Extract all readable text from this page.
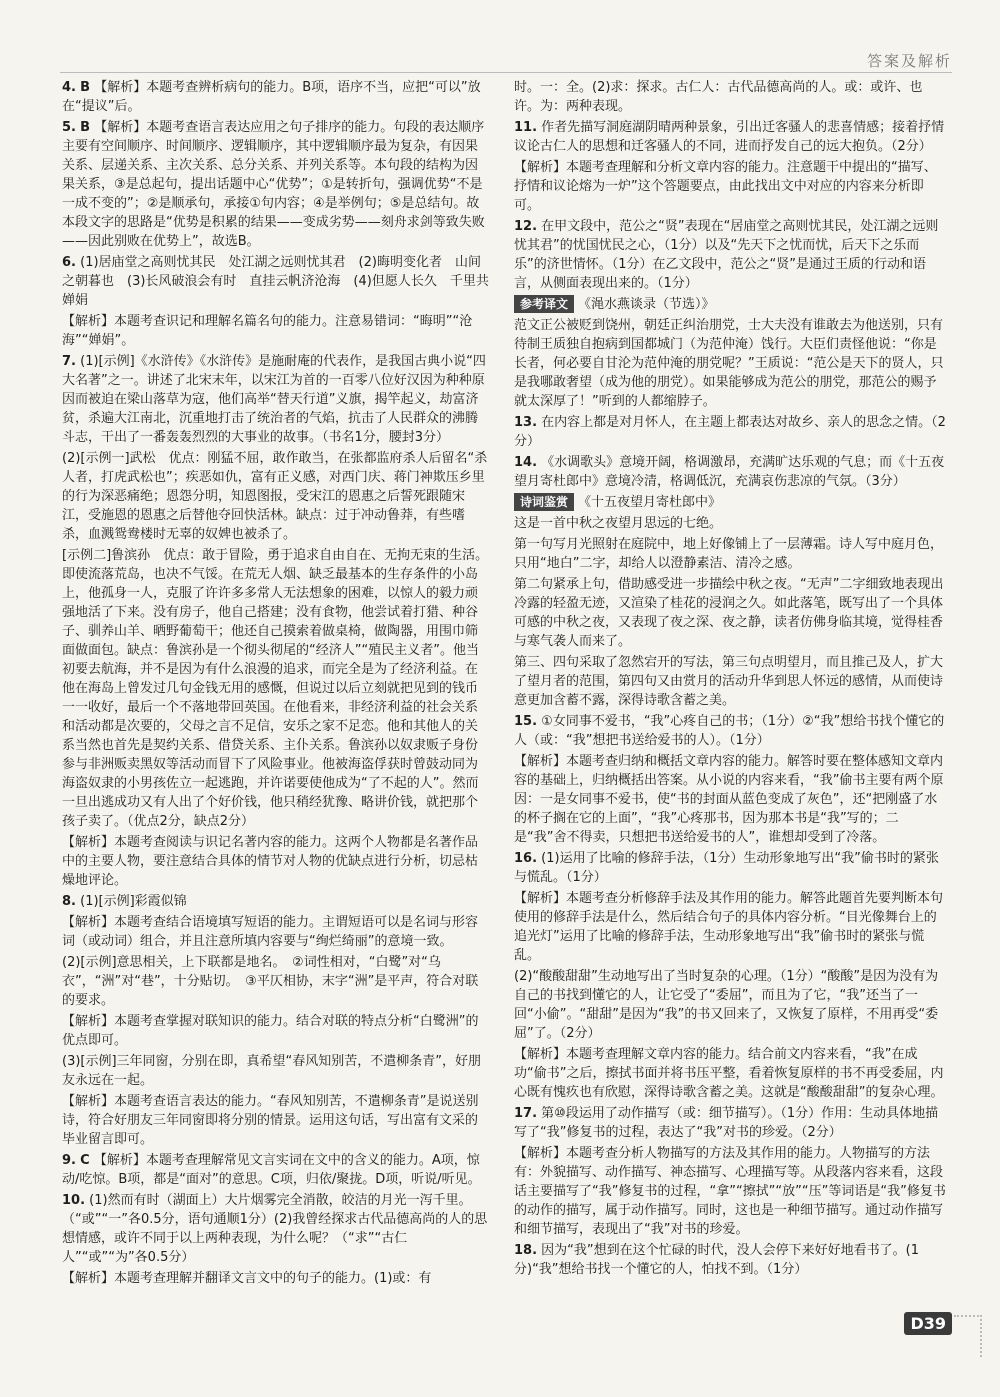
答案及解析
4. B 【解析】本题考查辨析病句的能力。B项，语序不当，应把“可以”放在“提议”后。
5. B 【解析】本题考查语言表达应用之句子排序的能力。句段的表达顺序主要有空间顺序、时间顺序、逻辑顺序，其中逻辑顺序最为复杂，有因果关系、层递关系、主次关系、总分关系、并列关系等。本句段的结构为因果关系，③是总起句，提出话题中心“优势”；①是转折句，强调优势“不是一成不变的”；②是顺承句，承接①句内容；④是举例句；⑤是总结句。故本段文字的思路是“优势是积累的结果——变成劣势——刻舟求剑等致失败——因此别败在优势上”，故选B。
6. (1)居庙堂之高则忧其民　处江湖之远则忧其君　(2)晦明变化者　山间之朝暮也　(3)长风破浪会有时　直挂云帆济沧海　(4)但愿人长久　千里共婵娟
【解析】本题考查识记和理解名篇名句的能力。注意易错词：“晦明”“沧海”“婵娟”。
7. (1)[示例]《水浒传》《水浒传》是施耐庵的代表作，是我国古典小说“四大名著”之一。讲述了北宋末年，以宋江为首的一百零八位好汉因为种种原因而被迫在梁山落草为寇，他们高举“替天行道”义旗，揭竿起义，劫富济贫，杀遍大江南北，沉重地打击了统治者的气焰，抗击了人民群众的沸腾斗志，干出了一番轰轰烈烈的大事业的故事。（书名1分，腰封3分）
(2)[示例一]武松　优点：刚猛不屈，敢作敢当，在张都监府杀人后留名“杀人者，打虎武松也”；疾恶如仇，富有正义感，对西门庆、蒋门神欺压乡里的行为深恶痛绝；恩怨分明，知恩图报，受宋江的恩惠之后誓死跟随宋江，受施恩的恩惠之后替他夺回快活林。缺点：过于冲动鲁莽，有些嗜杀，血溅鸳鸯楼时无辜的奴婢也被杀了。
[示例二]鲁滨孙　优点：敢于冒险，勇于追求自由自在、无拘无束的生活。即使流落荒岛，也决不气馁。在荒无人烟、缺乏最基本的生存条件的小岛上，他孤身一人，克服了许许多多常人无法想象的困难，以惊人的毅力顽强地活了下来。没有房子，他自己搭建；没有食物，他尝试着打猎、种谷子、驯养山羊、晒野葡萄干；他还自己摸索着做桌椅，做陶器，用围巾筛面做面包。缺点：鲁滨孙是一个彻头彻尾的“经济人”“殖民主义者”。他当初要去航海，并不是因为有什么浪漫的追求，而完全是为了经济利益。在他在海岛上曾发过几句金钱无用的感慨，但说过以后立刻就把见到的钱币一一收好，最后一个不落地带回英国。在他看来，非经济利益的社会关系和活动都是次要的，父母之言不足信，安乐之家不足恋。他和其他人的关系当然也首先是契约关系、借贷关系、主仆关系。鲁滨孙以奴隶贩子身份参与非洲贩卖黑奴等活动而冒下了风险事业。他被海盗俘获时曾鼓动同为海盗奴隶的小男孩佐立一起逃跑，并许诺要使他成为“了不起的人”。然而一旦出逃成功又有人出了个好价钱，他只稍经犹豫、略讲价钱，就把那个孩子卖了。（优点2分，缺点2分）
【解析】本题考查阅读与识记名著内容的能力。这两个人物都是名著作品中的主要人物，要注意结合具体的情节对人物的优缺点进行分析，切忌枯燥地评论。
8. (1)[示例]彩霞似锦
【解析】本题考查结合语境填写短语的能力。主谓短语可以是名词与形容词（或动词）组合，并且注意所填内容要与“绚烂绮丽”的意境一致。
(2)[示例]意思相关，上下联都是地名。　②词性相对，“白鹭”对“乌衣”，“洲”对“巷”，十分贴切。　③平仄相协，末字“洲”是平声，符合对联的要求。
【解析】本题考查掌握对联知识的能力。结合对联的特点分析“白鹭洲”的优点即可。
(3)[示例]三年同窗，分别在即，真希望“春风知别苦，不遣柳条青”，好朋友永远在一起。
【解析】本题考查语言表达的能力。“春风知别苦，不遣柳条青”是说送别诗，符合好朋友三年同窗即将分别的情景。运用这句话，写出富有文采的毕业留言即可。
9. C 【解析】本题考查理解常见文言实词在文中的含义的能力。A项，惊动/吃惊。B项，都是“面对”的意思。C项，归依/聚拢。D项，听说/听见。
10. (1)然而有时（湖面上）大片烟雾完全消散，皎洁的月光一泻千里。（“或”“一”各0.5分，语句通顺1分）(2)我曾经探求古代品德高尚的人的思想情感，或许不同于以上两种表现，为什么呢？（“求”“古仁人”“或”“为”各0.5分）
【解析】本题考查理解并翻译文言文中的句子的能力。(1)或：有
时。一：全。(2)求：探求。古仁人：古代品德高尚的人。或：或许、也许。为：两种表现。
11. 作者先描写洞庭湖阴晴两种景象，引出迁客骚人的悲喜情感；接着抒情议论古仁人的思想和迁客骚人的不同，进而抒发自己的远大抱负。（2分）
【解析】本题考查理解和分析文章内容的能力。注意题干中提出的“描写、抒情和议论熔为一炉”这个答题要点，由此找出文中对应的内容来分析即可。
12. 在甲文段中，范公之“贤”表现在“居庙堂之高则忧其民，处江湖之远则忧其君”的忧国忧民之心，（1分）以及“先天下之忧而忧，后天下之乐而乐”的济世情怀。（1分）在乙文段中，范公之“贤”是通过王质的行动和语言，从侧面表现出来的。（1分）
参考译文 《渑水燕谈录（节选）》
范文正公被贬到饶州，朝廷正纠治朋党，士大夫没有谁敢去为他送别，只有待制王质独自抱病到国都城门（为范仲淹）饯行。大臣们责怪他说：“你是长者，何必要自甘沦为范仲淹的朋党呢？”王质说：“范公是天下的贤人，只是我哪敢奢望（成为他的朋党）。如果能够成为范公的朋党，那范公的赐予就太深厚了！”听到的人都缩脖子。
13. 在内容上都是对月怀人，在主题上都表达对故乡、亲人的思念之情。（2分）
14. 《水调歌头》意境开阔，格调激昂，充满旷达乐观的气息；而《十五夜望月寄杜郎中》意境冷清，格调低沉，充满哀伤悲凉的气氛。（3分）
诗词鉴赏 《十五夜望月寄杜郎中》
这是一首中秋之夜望月思远的七绝。
第一句写月光照射在庭院中，地上好像铺上了一层薄霜。诗人写中庭月色，只用“地白”二字，却给人以澄静素洁、清冷之感。
第二句紧承上句，借助感受进一步描绘中秋之夜。“无声”二字细致地表现出冷露的轻盈无迹，又渲染了桂花的浸润之久。如此落笔，既写出了一个具体可感的中秋之夜，又表现了夜之深、夜之静，读者仿佛身临其境，觉得桂香与寒气袭人而来了。
第三、四句采取了忽然宕开的写法，第三句点明望月，而且推己及人，扩大了望月者的范围，第四句又由赏月的活动升华到思人怀远的感情，从而使诗意更加含蓄不露，深得诗歌含蓄之美。
15. ①女同事不爱书，“我”心疼自己的书；（1分）②“我”想给书找个懂它的人（或：“我”想把书送给爱书的人）。（1分）
【解析】本题考查归纳和概括文章内容的能力。解答时要在整体感知文章内容的基础上，归纳概括出答案。从小说的内容来看，“我”偷书主要有两个原因：一是女同事不爱书，使“书的封面从蓝色变成了灰色”，还“把刚盛了水的杯子搁在它的上面”，“我”心疼那书，因为那本书是“我”写的；二是“我”舍不得卖，只想把书送给爱书的人”，谁想却受到了冷落。
16. (1)运用了比喻的修辞手法，（1分）生动形象地写出“我”偷书时的紧张与慌乱。（1分）
【解析】本题考查分析修辞手法及其作用的能力。解答此题首先要判断本句使用的修辞手法是什么，然后结合句子的具体内容分析。“目光像舞台上的追光灯”运用了比喻的修辞手法，生动形象地写出“我”偷书时的紧张与慌乱。
(2)“酸酸甜甜”生动地写出了当时复杂的心理。（1分）“酸酸”是因为没有为自己的书找到懂它的人，让它受了“委屈”，而且为了它，“我”还当了一回“小偷”。“甜甜”是因为“我”的书又回来了，又恢复了原样，不用再受“委屈”了。（2分）
【解析】本题考查理解文章内容的能力。结合前文内容来看，“我”在成功“偷书”之后，擦拭书面并将书压平整，看着恢复原样的书不再受委屈，内心既有愧疚也有欣慰，深得诗歌含蓄之美。这就是“酸酸甜甜”的复杂心理。
17. 第⑩段运用了动作描写（或：细节描写）。（1分）作用：生动具体地描写了“我”修复书的过程，表达了“我”对书的珍爱。（2分）
【解析】本题考查分析人物描写的方法及其作用的能力。人物描写的方法有：外貌描写、动作描写、神态描写、心理描写等。从段落内容来看，这段话主要描写了“我”修复书的过程，“拿”“擦拭”“放”“压”等词语是“我”修复书的动作的描写，属于动作描写。同时，这也是一种细节描写。通过动作描写和细节描写，表现出了“我”对书的珍爱。
18. 因为“我”想到在这个忙碌的时代，没人会停下来好好地看书了。(1分)“我”想给书找一个懂它的人，怕找不到。（1分）
D39
